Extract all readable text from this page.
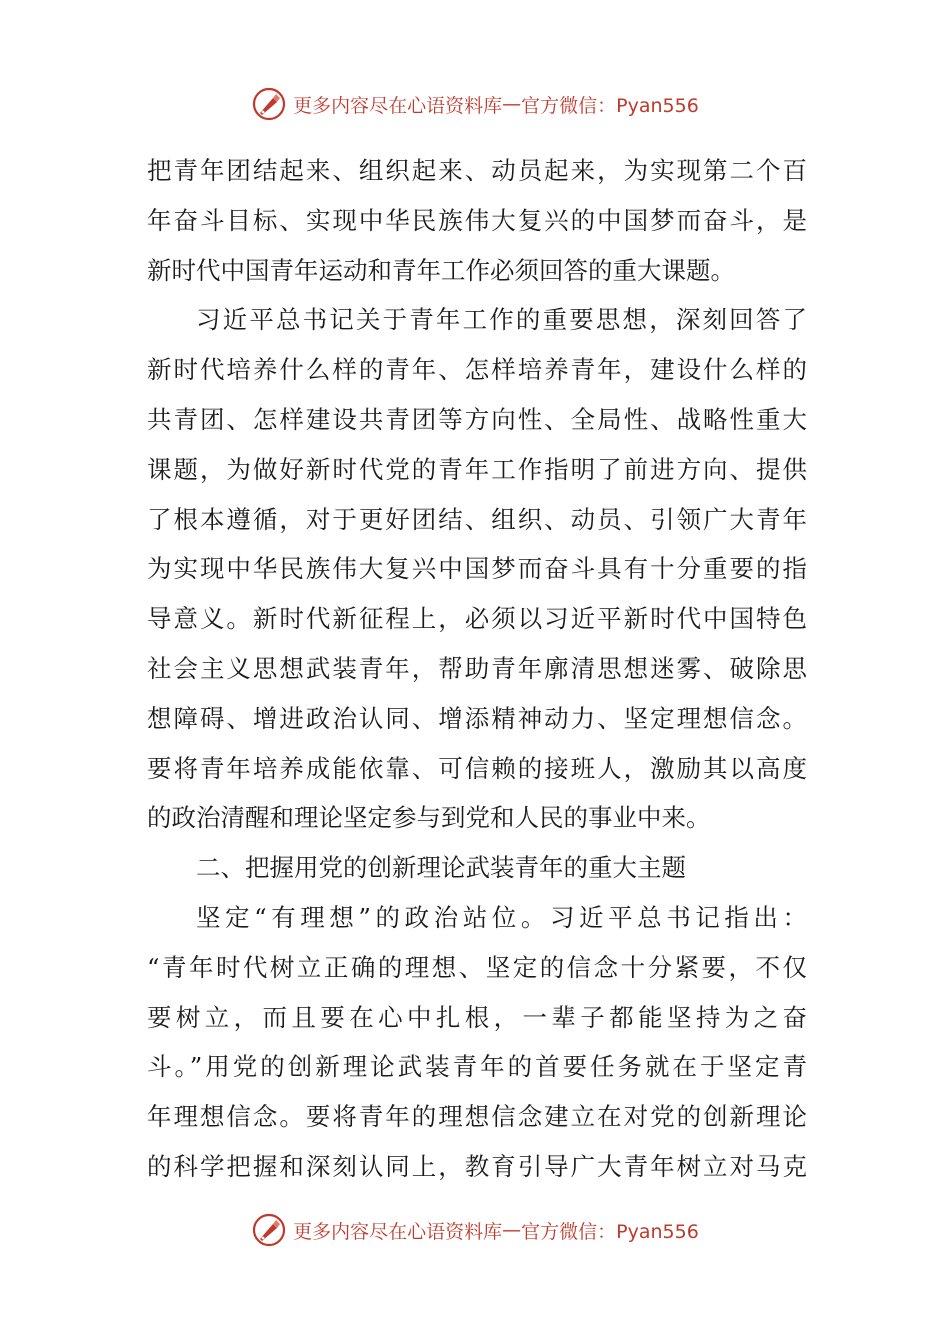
更多内容尽在心语资料库 — 官方微信：Pyan556
把青年团结起来、组织起来、动员起来，为实现第二个百
年奋斗目标、实现中华民族伟大复兴的中国梦而奋斗，是
新时代中国青年运动和青年工作必须回答的重大课题。
习近平总书记关于青年工作的重要思想，深刻回答了
新时代培养什么样的青年、怎样培养青年，建设什么样的
共青团、怎样建设共青团等方向性、全局性、战略性重大
课题，为做好新时代党的青年工作指明了前进方向、提供
了根本遵循，对于更好团结、组织、动员、引领广大青年
为实现中华民族伟大复兴中国梦而奋斗具有十分重要的指
导意义。新时代新征程上，必须以习近平新时代中国特色
社会主义思想武装青年，帮助青年廓清思想迷雾、破除思
想障碍、增进政治认同、增添精神动力、坚定理想信念。
要将青年培养成能依靠、可信赖的接班人，激励其以高度
的政治清醒和理论坚定参与到党和人民的事业中来。
二、把握用党的创新理论武装青年的重大主题
坚定“有理想”的政治站位。习近平总书记指出：
“青年时代树立正确的理想、坚定的信念十分紧要，不仅
要树立，而且要在心中扎根，一辈子都能坚持为之奋
斗。”用党的创新理论武装青年的首要任务就在于坚定青
年理想信念。要将青年的理想信念建立在对党的创新理论
的科学把握和深刻认同上，教育引导广大青年树立对马克
更多内容尽在心语资料库 — 官方微信：Pyan556
